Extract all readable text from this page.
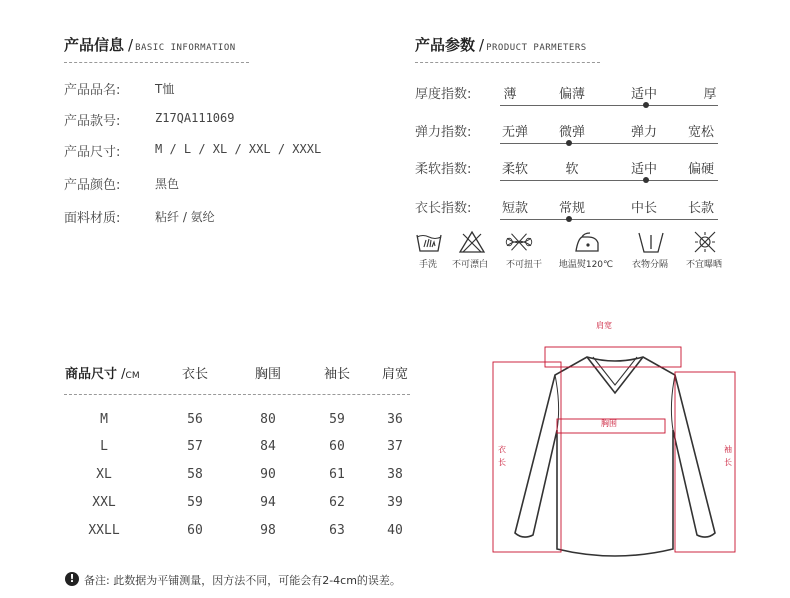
产品信息 / BASIC INFORMATION
产品品名:	T恤
产品款号:	Z17QA111069
产品尺寸:	M / L / XL / XXL / XXXL
产品颜色:	黑色
面料材质:	粘纤 / 氨纶
产品参数 / PRODUCT PARMETERS
厚度指数:	薄	偏薄	适中	厚
弹力指数:	无弹	微弹	弹力	宽松
柔软指数:	柔软	软	适中	偏硬
衣长指数:	短款	常规	中长	长款
手洗	不可漂白	不可扭干	地温熨120℃	衣物分隔	不宜曝晒
商品尺寸 /CM	衣长	胸围	袖长	肩宽
M	56	80	59	36
L	57	84	60	37
XL	58	90	61	38
XXL	59	94	62	39
XXLL	60	98	63	40
肩宽
胸围
衣长
袖长
! 备注: 此数据为平铺测量，因方法不同，可能会有2-4cm的误差。
